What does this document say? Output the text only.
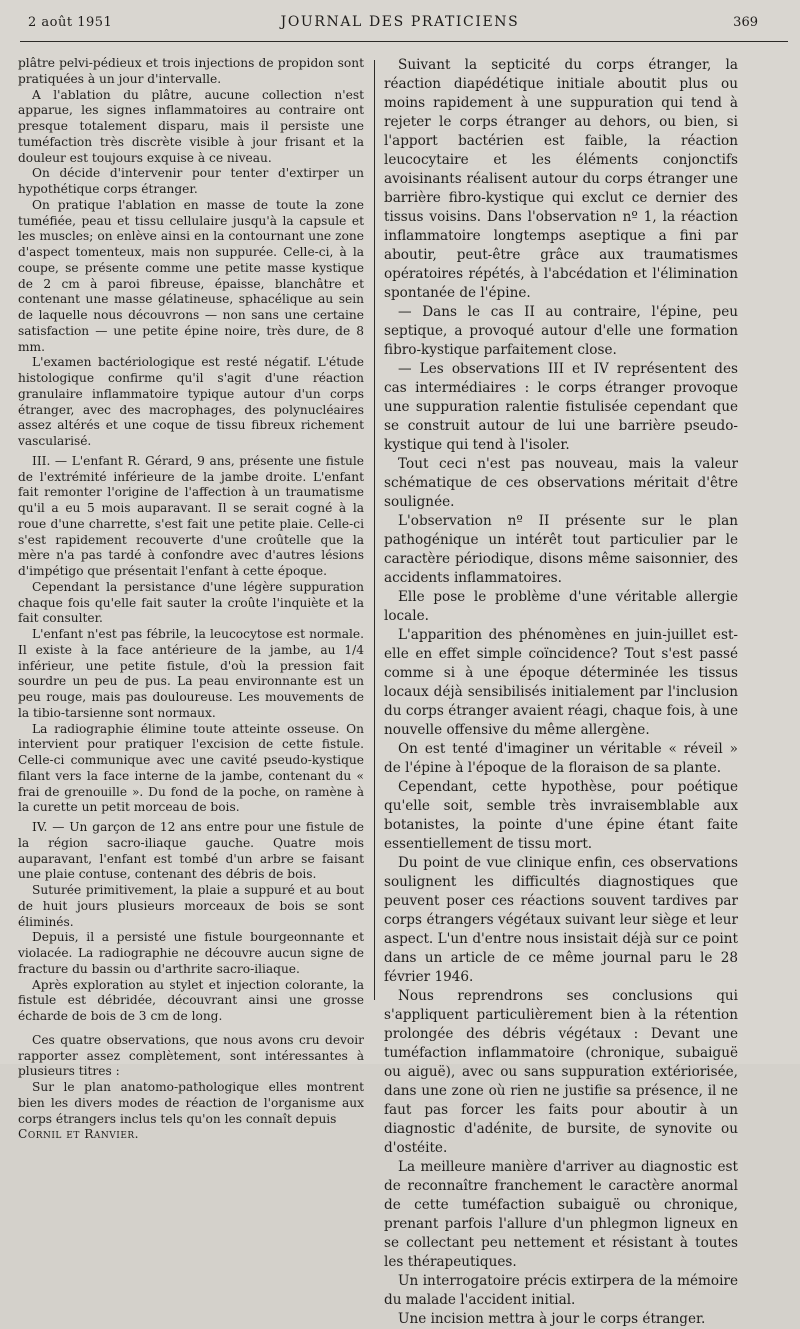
2 août 1951	JOURNAL DES PRATICIENS	369

plâtre pelvi-pédieux et trois injections de propidon sont pratiquées à un jour d'intervalle.

A l'ablation du plâtre, aucune collection n'est apparue, les signes inflammatoires au contraire ont presque totalement disparu, mais il persiste une tuméfaction très discrète visible à jour frisant et la douleur est toujours exquise à ce niveau.

On décide d'intervenir pour tenter d'extirper un hypothétique corps étranger.

On pratique l'ablation en masse de toute la zone tuméfiée, peau et tissu cellulaire jusqu'à la capsule et les muscles; on enlève ainsi en la contournant une zone d'aspect tomenteux, mais non suppurée. Celle-ci, à la coupe, se présente comme une petite masse kystique de 2 cm à paroi fibreuse, épaisse, blanchâtre et contenant une masse gélatineuse, sphacélique au sein de laquelle nous découvrons — non sans une certaine satisfaction — une petite épine noire, très dure, de 8 mm.

L'examen bactériologique est resté négatif. L'étude histologique confirme qu'il s'agit d'une réaction granulaire inflammatoire typique autour d'un corps étranger, avec des macrophages, des polynucléaires assez altérés et une coque de tissu fibreux richement vascularisé.

III. — L'enfant R. Gérard, 9 ans, présente une fistule de l'extrémité inférieure de la jambe droite. L'enfant fait remonter l'origine de l'affection à un traumatisme qu'il a eu 5 mois auparavant. Il se serait cogné à la roue d'une charrette, s'est fait une petite plaie. Celle-ci s'est rapidement recouverte d'une croûtelle que la mère n'a pas tardé à confondre avec d'autres lésions d'impétigo que présentait l'enfant à cette époque.

Cependant la persistance d'une légère suppuration chaque fois qu'elle fait sauter la croûte l'inquiète et la fait consulter.

L'enfant n'est pas fébrile, la leucocytose est normale. Il existe à la face antérieure de la jambe, au 1/4 inférieur, une petite fistule, d'où la pression fait sourdre un peu de pus. La peau environnante est un peu rouge, mais pas douloureuse. Les mouvements de la tibio-tarsienne sont normaux.

La radiographie élimine toute atteinte osseuse. On intervient pour pratiquer l'excision de cette fistule. Celle-ci communique avec une cavité pseudo-kystique filant vers la face interne de la jambe, contenant du « frai de grenouille ». Du fond de la poche, on ramène à la curette un petit morceau de bois.

IV. — Un garçon de 12 ans entre pour une fistule de la région sacro-iliaque gauche. Quatre mois auparavant, l'enfant est tombé d'un arbre se faisant une plaie contuse, contenant des débris de bois.

Suturée primitivement, la plaie a suppuré et au bout de huit jours plusieurs morceaux de bois se sont éliminés.

Depuis, il a persisté une fistule bourgeonnante et violacée. La radiographie ne découvre aucun signe de fracture du bassin ou d'arthrite sacro-iliaque.

Après exploration au stylet et injection colorante, la fistule est débridée, découvrant ainsi une grosse écharde de bois de 3 cm de long.

Ces quatre observations, que nous avons cru devoir rapporter assez complètement, sont intéressantes à plusieurs titres :

Sur le plan anatomo-pathologique elles montrent bien les divers modes de réaction de l'organisme aux corps étrangers inclus tels qu'on les connaît depuis

Cornil et Ranvier.

Suivant la septicité du corps étranger, la réaction diapédétique initiale aboutit plus ou moins rapidement à une suppuration qui tend à rejeter le corps étranger au dehors, ou bien, si l'apport bactérien est faible, la réaction leucocytaire et les éléments conjonctifs avoisinants réalisent autour du corps étranger une barrière fibro-kystique qui exclut ce dernier des tissus voisins. Dans l'observation nº 1, la réaction inflammatoire longtemps aseptique a fini par aboutir, peut-être grâce aux traumatismes opératoires répétés, à l'abcédation et l'élimination spontanée de l'épine.

— Dans le cas II au contraire, l'épine, peu septique, a provoqué autour d'elle une formation fibro-kystique parfaitement close.

— Les observations III et IV représentent des cas intermédiaires : le corps étranger provoque une suppuration ralentie fistulisée cependant que se construit autour de lui une barrière pseudo-kystique qui tend à l'isoler.

Tout ceci n'est pas nouveau, mais la valeur schématique de ces observations méritait d'être soulignée.

L'observation nº II présente sur le plan pathogénique un intérêt tout particulier par le caractère périodique, disons même saisonnier, des accidents inflammatoires.

Elle pose le problème d'une véritable allergie locale.

L'apparition des phénomènes en juin-juillet est-elle en effet simple coïncidence? Tout s'est passé comme si à une époque déterminée les tissus locaux déjà sensibilisés initialement par l'inclusion du corps étranger avaient réagi, chaque fois, à une nouvelle offensive du même allergène.

On est tenté d'imaginer un véritable « réveil » de l'épine à l'époque de la floraison de sa plante.

Cependant, cette hypothèse, pour poétique qu'elle soit, semble très invraisemblable aux botanistes, la pointe d'une épine étant faite essentiellement de tissu mort.

Du point de vue clinique enfin, ces observations soulignent les difficultés diagnostiques que peuvent poser ces réactions souvent tardives par corps étrangers végétaux suivant leur siège et leur aspect. L'un d'entre nous insistait déjà sur ce point dans un article de ce même journal paru le 28 février 1946.

Nous reprendrons ses conclusions qui s'appliquent particulièrement bien à la rétention prolongée des débris végétaux : Devant une tuméfaction inflammatoire (chronique, subaiguë ou aiguë), avec ou sans suppuration extériorisée, dans une zone où rien ne justifie sa présence, il ne faut pas forcer les faits pour aboutir à un diagnostic d'adénite, de bursite, de synovite ou d'ostéite.

La meilleure manière d'arriver au diagnostic est de reconnaître franchement le caractère anormal de cette tuméfaction subaiguë ou chronique, prenant parfois l'allure d'un phlegmon ligneux en se collectant peu nettement et résistant à toutes les thérapeutiques.

Un interrogatoire précis extirpera de la mémoire du malade l'accident initial.

Une incision mettra à jour le corps étranger.
